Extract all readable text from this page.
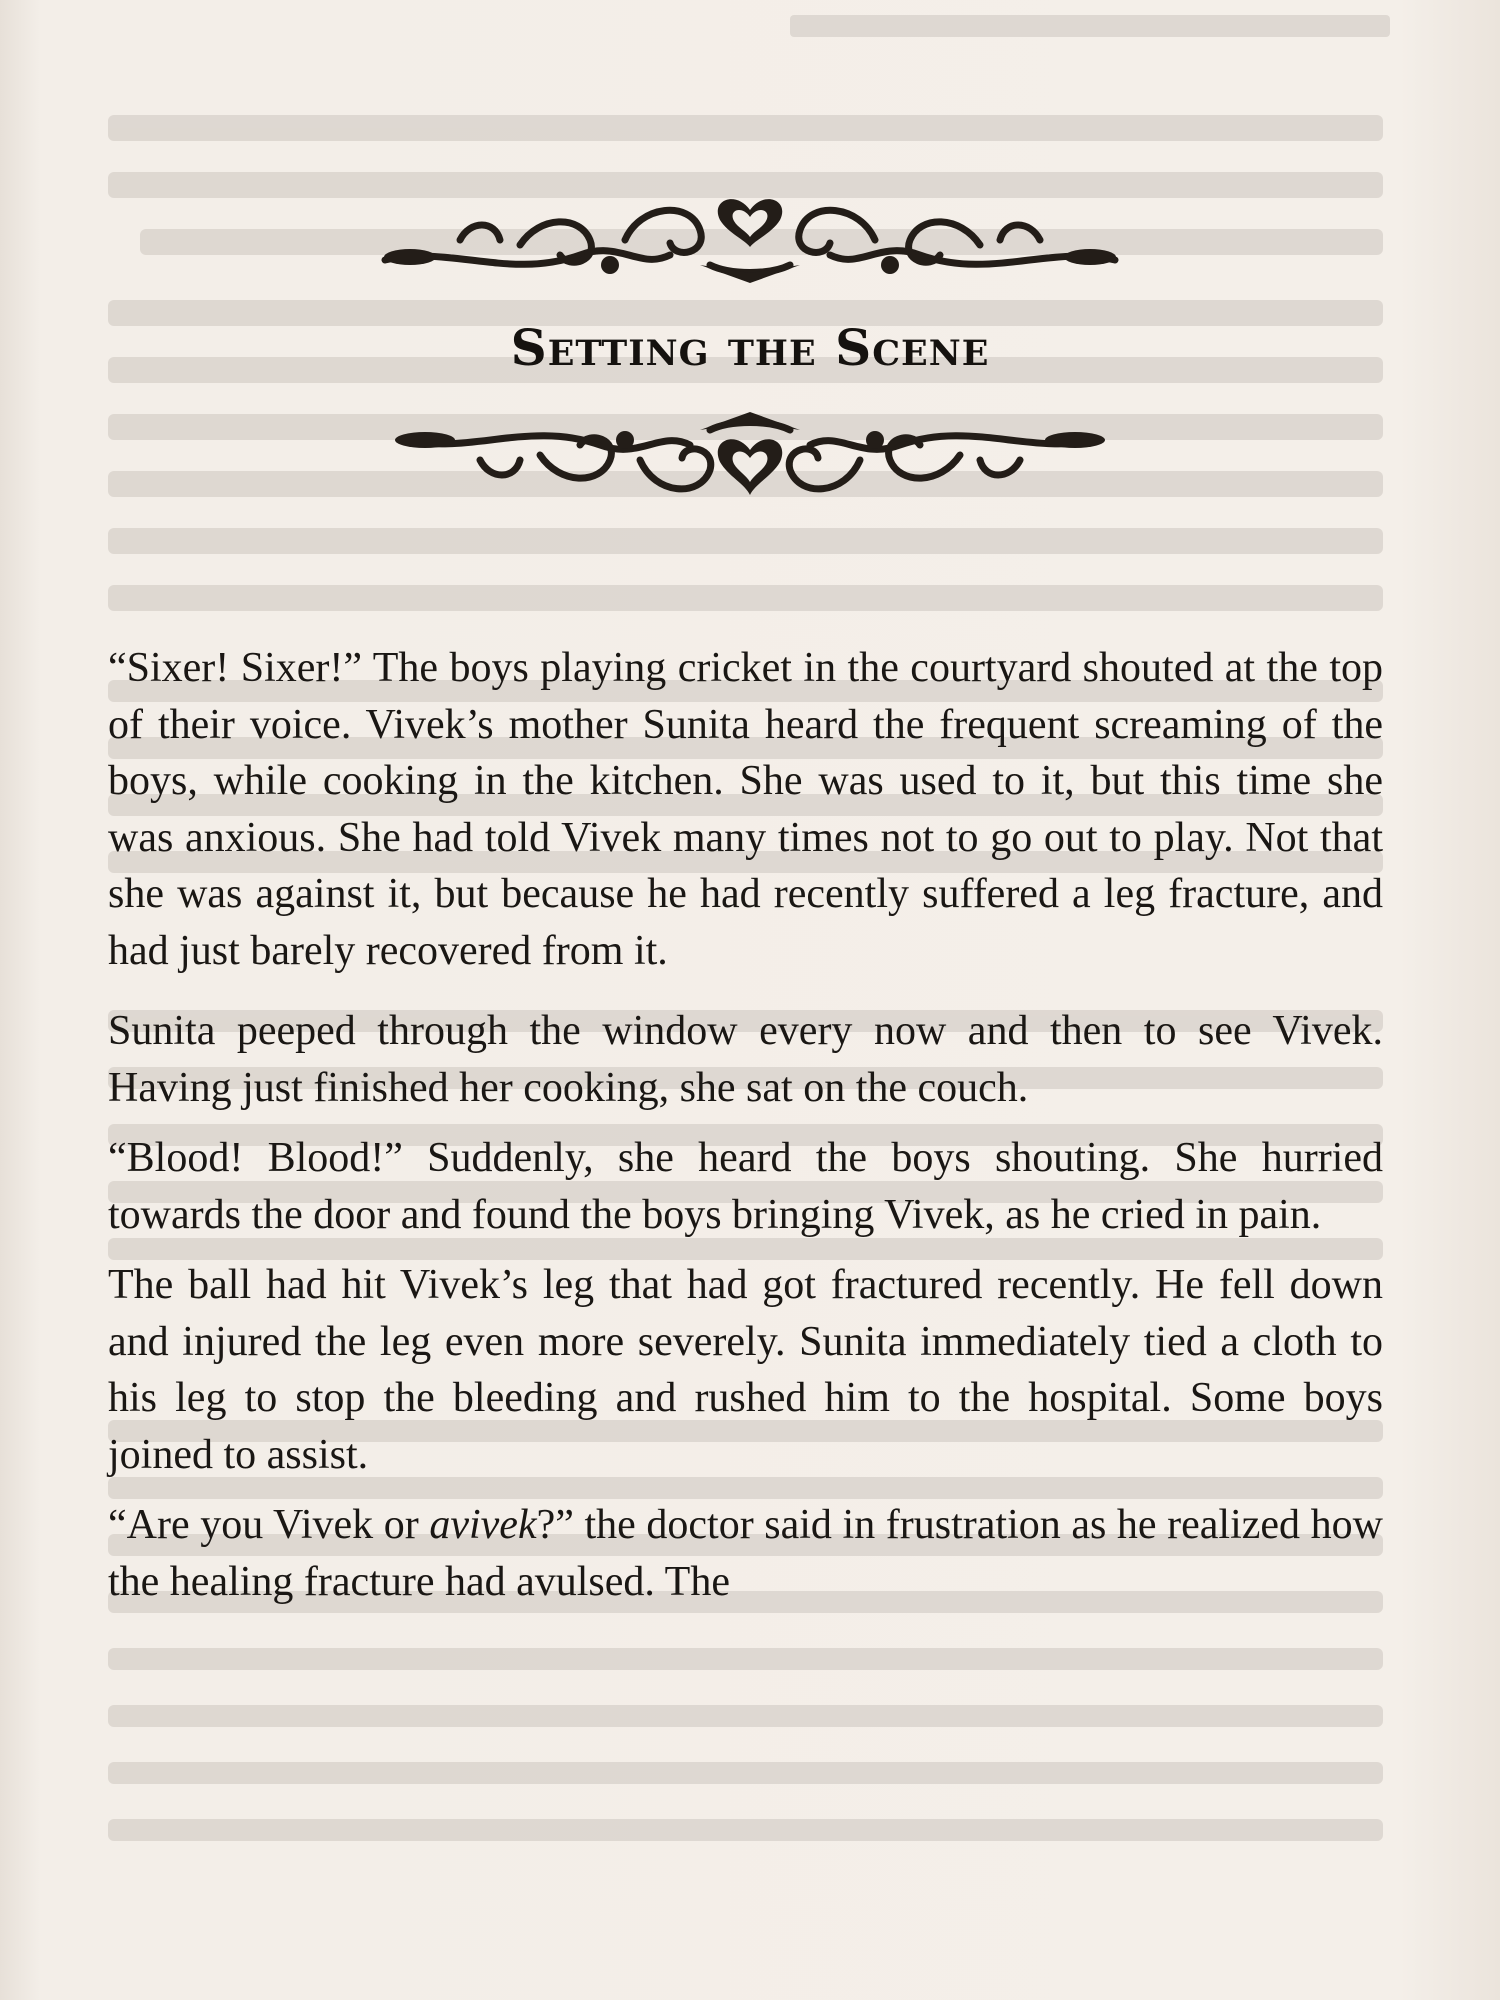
Setting the Scene

“Sixer! Sixer!” The boys playing cricket in the courtyard shouted at the top of their voice. Vivek’s mother Sunita heard the frequent screaming of the boys, while cooking in the kitchen. She was used to it, but this time she was anxious. She had told Vivek many times not to go out to play. Not that she was against it, but because he had recently suffered a leg fracture, and had just barely recovered from it.

Sunita peeped through the window every now and then to see Vivek. Having just finished her cooking, she sat on the couch.

“Blood! Blood!” Suddenly, she heard the boys shouting. She hurried towards the door and found the boys bringing Vivek, as he cried in pain.

The ball had hit Vivek’s leg that had got fractured recently. He fell down and injured the leg even more severely. Sunita immediately tied a cloth to his leg to stop the bleeding and rushed him to the hospital. Some boys joined to assist.

“Are you Vivek or avivek?” the doctor said in frustration as he realized how the healing fracture had avulsed. The
